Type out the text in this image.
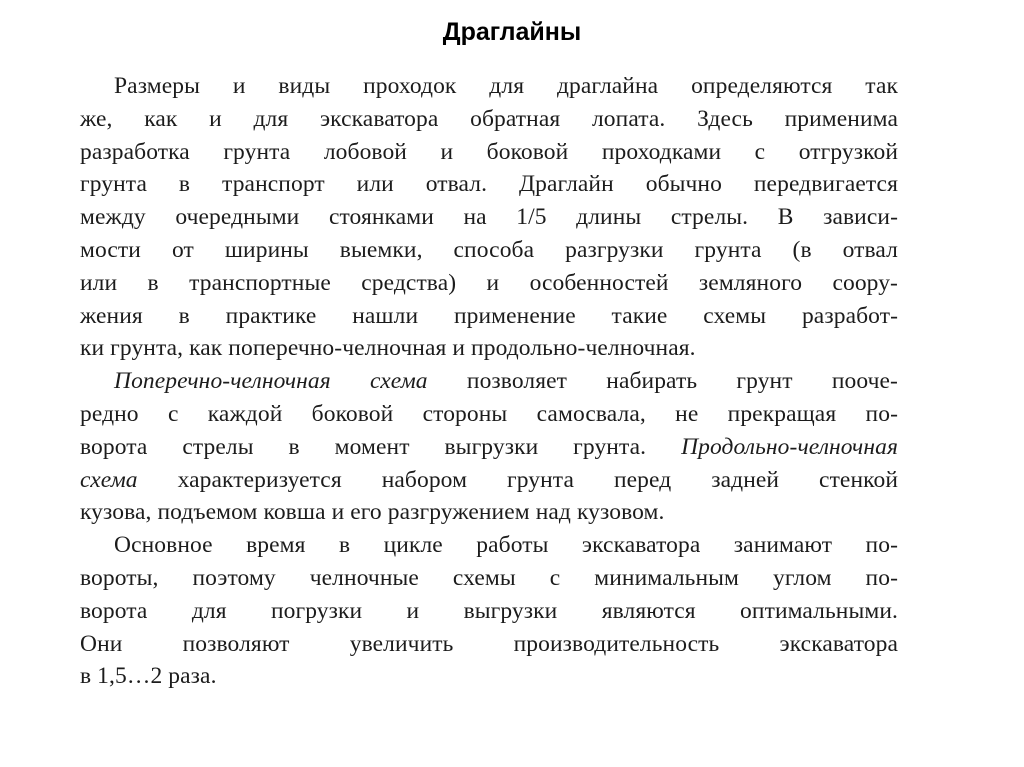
Драглайны
Размеры и виды проходок для драглайна определяются так
же, как и для экскаватора обратная лопата. Здесь применима
разработка грунта лобовой и боковой проходками с отгрузкой
грунта в транспорт или отвал. Драглайн обычно передвигается
между очередными стоянками на 1/5 длины стрелы. В зависи-
мости от ширины выемки, способа разгрузки грунта (в отвал
или в транспортные средства) и особенностей земляного соору-
жения в практике нашли применение такие схемы разработ-
ки грунта, как поперечно-челночная и продольно-челночная.
Поперечно-челночная схема позволяет набирать грунт пооче-
редно с каждой боковой стороны самосвала, не прекращая по-
ворота стрелы в момент выгрузки грунта. Продольно-челночная
схема характеризуется набором грунта перед задней стенкой
кузова, подъемом ковша и его разгружением над кузовом.
Основное время в цикле работы экскаватора занимают по-
вороты, поэтому челночные схемы с минимальным углом по-
ворота для погрузки и выгрузки являются оптимальными.
Они позволяют увеличить производительность экскаватора
в 1,5…2 раза.
